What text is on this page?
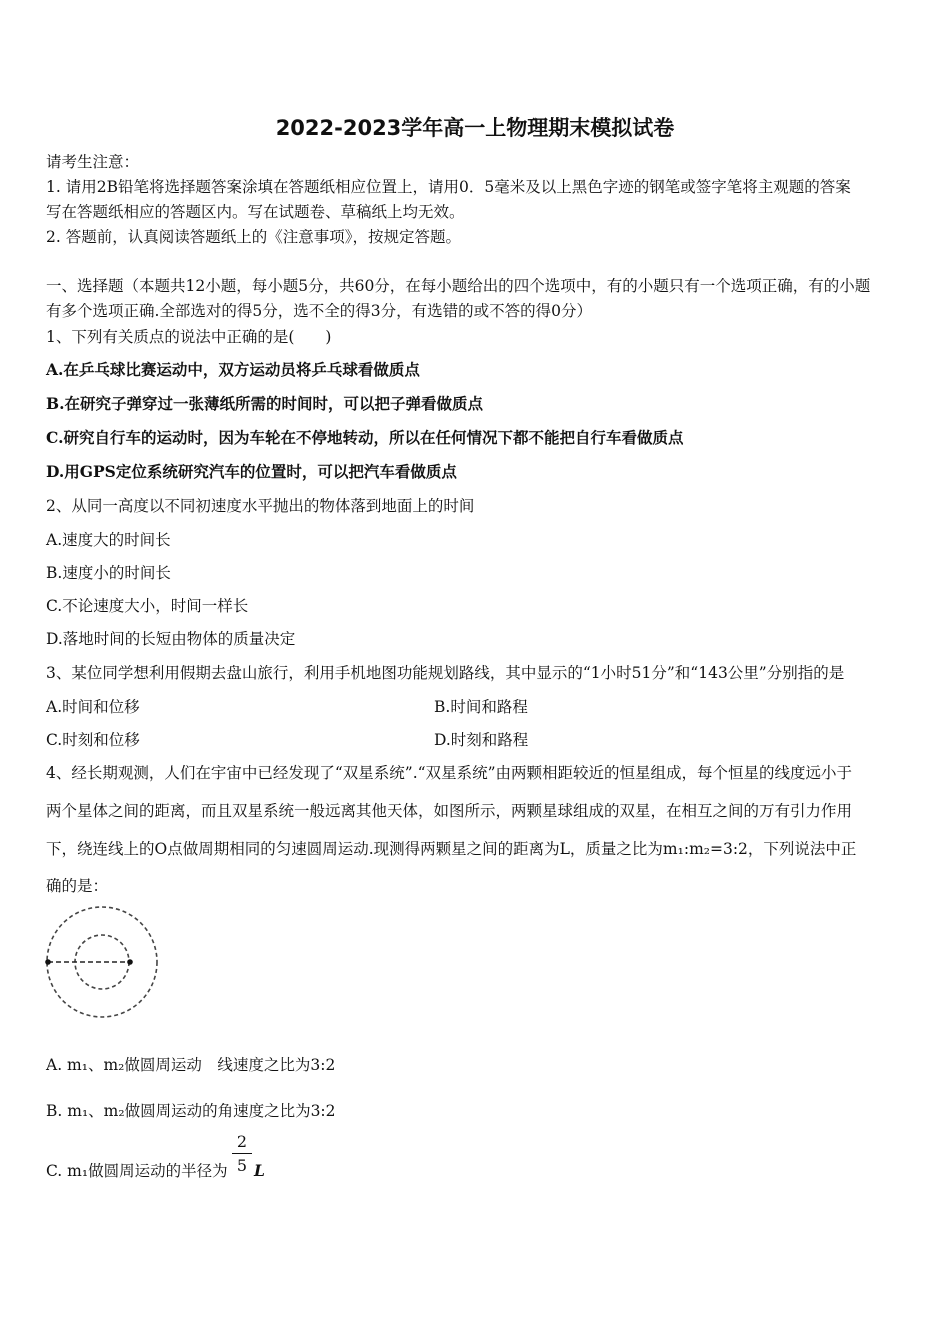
2022-2023学年高一上物理期末模拟试卷
请考生注意：
1. 请用2B铅笔将选择题答案涂填在答题纸相应位置上，请用0．5毫米及以上黑色字迹的钢笔或签字笔将主观题的答案
写在答题纸相应的答题区内。写在试题卷、草稿纸上均无效。
2. 答题前，认真阅读答题纸上的《注意事项》，按规定答题。
一、选择题（本题共12小题，每小题5分，共60分，在每小题给出的四个选项中，有的小题只有一个选项正确，有的小题
有多个选项正确.全部选对的得5分，选不全的得3分，有选错的或不答的得0分）
1、下列有关质点的说法中正确的是(　　)
A.在乒乓球比赛运动中，双方运动员将乒乓球看做质点
B.在研究子弹穿过一张薄纸所需的时间时，可以把子弹看做质点
C.研究自行车的运动时，因为车轮在不停地转动，所以在任何情况下都不能把自行车看做质点
D.用GPS定位系统研究汽车的位置时，可以把汽车看做质点
2、从同一高度以不同初速度水平抛出的物体落到地面上的时间
A.速度大的时间长
B.速度小的时间长
C.不论速度大小，时间一样长
D.落地时间的长短由物体的质量决定
3、某位同学想利用假期去盘山旅行，利用手机地图功能规划路线，其中显示的“1小时51分”和“143公里”分别指的是
A.时间和位移	B.时间和路程
C.时刻和位移	D.时刻和路程
4、经长期观测，人们在宇宙中已经发现了“双星系统”.“双星系统”由两颗相距较近的恒星组成，每个恒星的线度远小于
两个星体之间的距离，而且双星系统一般远离其他天体，如图所示，两颗星球组成的双星，在相互之间的万有引力作用
下，绕连线上的O点做周期相同的匀速圆周运动.现测得两颗星之间的距离为L，质量之比为m₁:m₂=3:2，下列说法中正
确的是：
A. m₁、m₂做圆周运动　线速度之比为3:2
B. m₁、m₂做圆周运动的角速度之比为3:2
C. m₁做圆周运动的半径为 $\frac{2}{5}$ L
